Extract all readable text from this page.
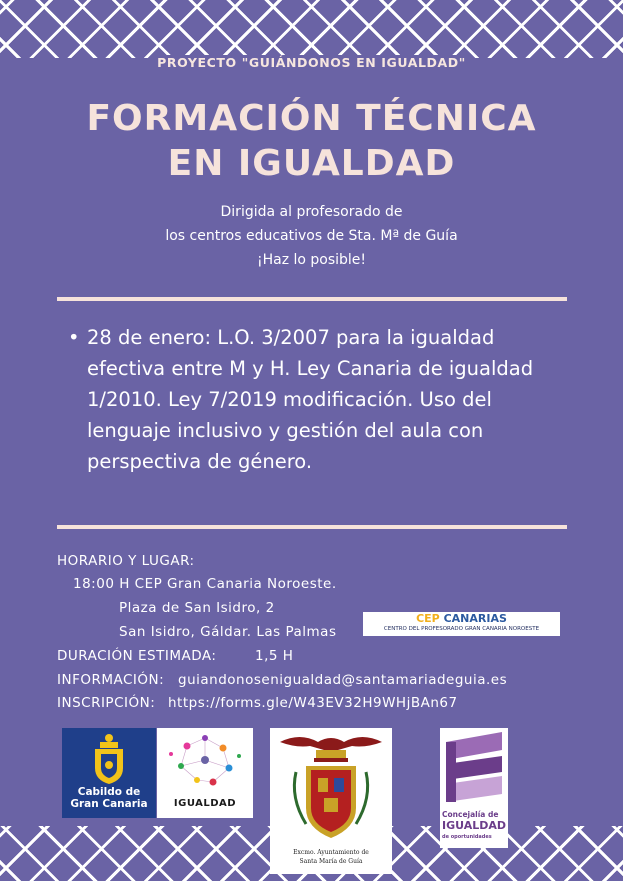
PROYECTO "GUIÁNDONOS EN IGUALDAD"
FORMACIÓN TÉCNICA
EN IGUALDAD
Dirigida al profesorado de
los centros educativos de Sta. Mª de Guía
¡Haz lo posible!
• 28 de enero: L.O. 3/2007 para la igualdad efectiva entre M y H. Ley Canaria de igualdad 1/2010. Ley 7/2019 modificación. Uso del lenguaje inclusivo y gestión del aula con perspectiva de género.
HORARIO Y LUGAR:
18:00 H CEP Gran Canaria Noroeste.
Plaza de San Isidro, 2
San Isidro, Gáldar. Las Palmas
DURACIÓN ESTIMADA:	1,5 H
INFORMACIÓN: guiandonosenigualdad@santamariadeguia.es
INSCRIPCIÓN: https://forms.gle/W43EV32H9WHjBAn67
CEP CANARIAS
CENTRO DEL PROFESORADO GRAN CANARIA NOROESTE
Cabildo de
Gran Canaria	IGUALDAD
Excmo. Ayuntamiento de
Santa María de Guía
Concejalía de
IGUALDAD
de oportunidades
